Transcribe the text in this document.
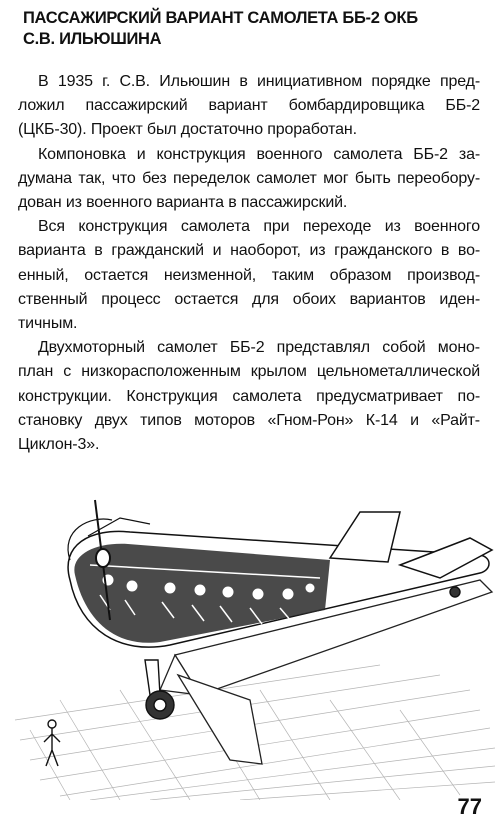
ПАССАЖИРСКИЙ ВАРИАНТ САМОЛЕТА ББ-2 ОКБ
С.В. ИЛЬЮШИНА
В 1935 г. С.В. Ильюшин в инициативном порядке пред-
ложил пассажирский вариант бомбардировщика ББ-2
(ЦКБ-30). Проект был достаточно проработан.
Компоновка и конструкция военного самолета ББ-2 за-
думана так, что без переделок самолет мог быть переобору-
дован из военного варианта в пассажирский.
Вся конструкция самолета при переходе из военного
варианта в гражданский и наоборот, из гражданского в во-
енный, остается неизменной, таким образом производ-
ственный процесс остается для обоих вариантов иден-
тичным.
Двухмоторный самолет ББ-2 представлял собой моно-
план с низкорасположенным крылом цельнометаллической
конструкции. Конструкция самолета предусматривает по-
становку двух типов моторов «Гном-Рон» К-14 и «Райт-
Циклон-3».
77
